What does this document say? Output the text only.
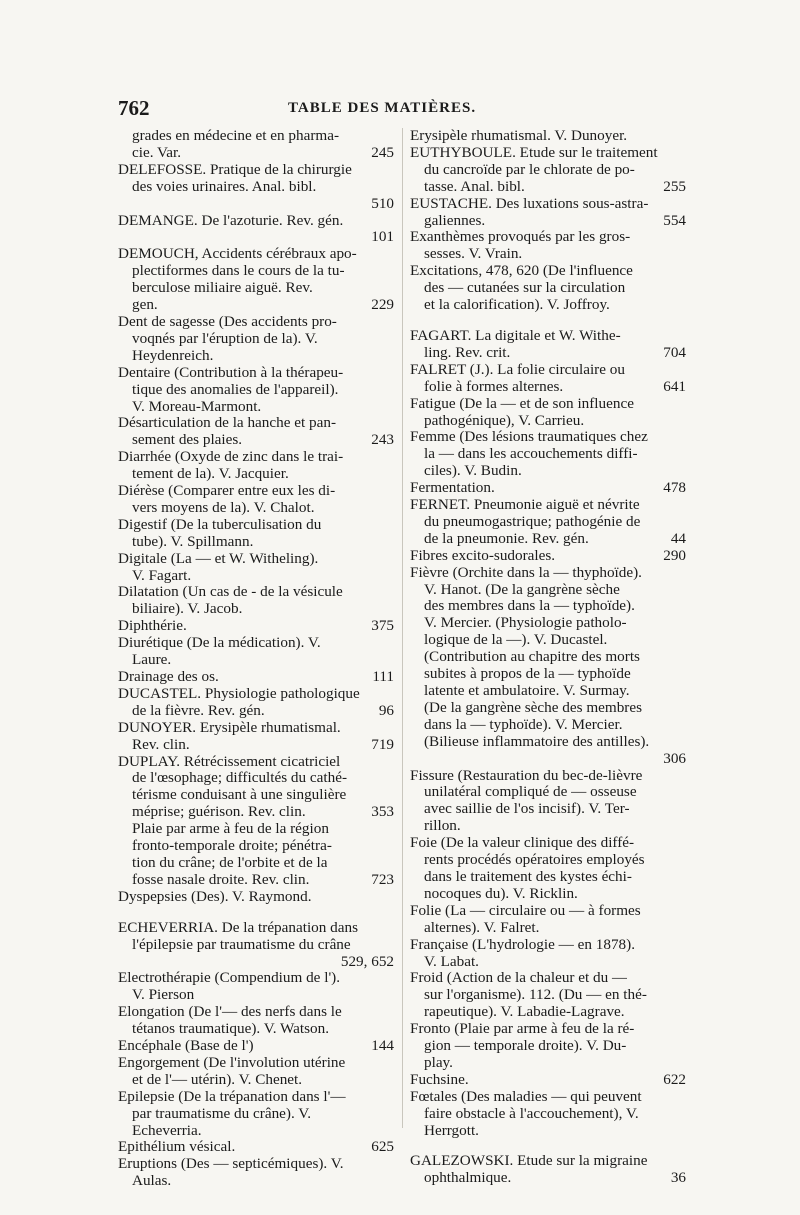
762	TABLE DES MATIÈRES.
grades en médecine et en pharma-
cie. Var.	245
DELEFOSSE. Pratique de la chirurgie
des voies urinaires. Anal. bibl.
510
DEMANGE. De l'azoturie. Rev. gén.
101
DEMOUCH, Accidents cérébraux apo-
plectiformes dans le cours de la tu-
berculose miliaire aiguë. Rev.
gen.	229
Dent de sagesse (Des accidents pro-
voqnés par l'éruption de la). V.
Heydenreich.
Dentaire (Contribution à la thérapeu-
tique des anomalies de l'appareil).
V. Moreau-Marmont.
Désarticulation de la hanche et pan-
sement des plaies.	243
Diarrhée (Oxyde de zinc dans le trai-
tement de la). V. Jacquier.
Diérèse (Comparer entre eux les di-
vers moyens de la). V. Chalot.
Digestif (De la tuberculisation du
tube). V. Spillmann.
Digitale (La — et W. Witheling).
V. Fagart.
Dilatation (Un cas de - de la vésicule
biliaire). V. Jacob.
Diphthérie.	375
Diurétique (De la médication). V.
Laure.
Drainage des os.	111
DUCASTEL. Physiologie pathologique
de la fièvre. Rev. gén.	96
DUNOYER. Erysipèle rhumatismal.
Rev. clin.	719
DUPLAY. Rétrécissement cicatriciel
de l'œsophage; difficultés du cathé-
térisme conduisant à une singulière
méprise; guérison. Rev. clin.	353
Plaie par arme à feu de la région
fronto-temporale droite; pénétra-
tion du crâne; de l'orbite et de la
fosse nasale droite. Rev. clin.	723
Dyspepsies (Des). V. Raymond.
ECHEVERRIA. De la trépanation dans
l'épilepsie par traumatisme du crâne
529, 652
Electrothérapie (Compendium de l').
V. Pierson
Elongation (De l'— des nerfs dans le
tétanos traumatique). V. Watson.
Encéphale (Base de l')	144
Engorgement (De l'involution utérine
et de l'— utérin). V. Chenet.
Epilepsie (De la trépanation dans l'—
par traumatisme du crâne). V.
Echeverria.
Epithélium vésical.	625
Eruptions (Des — septicémiques). V.
Aulas.
Erysipèle rhumatismal. V. Dunoyer.
EUTHYBOULE. Etude sur le traitement
du cancroïde par le chlorate de po-
tasse. Anal. bibl.	255
EUSTACHE. Des luxations sous-astra-
galiennes.	554
Exanthèmes provoqués par les gros-
sesses. V. Vrain.
Excitations, 478, 620 (De l'influence
des — cutanées sur la circulation
et la calorification). V. Joffroy.
FAGART. La digitale et W. Withe-
ling. Rev. crit.	704
FALRET (J.). La folie circulaire ou
folie à formes alternes.	641
Fatigue (De la — et de son influence
pathogénique), V. Carrieu.
Femme (Des lésions traumatiques chez
la — dans les accouchements diffi-
ciles). V. Budin.
Fermentation.	478
FERNET. Pneumonie aiguë et névrite
du pneumogastrique; pathogénie de
de la pneumonie. Rev. gén.	44
Fibres excito-sudorales.	290
Fièvre (Orchite dans la — thyphoïde).
V. Hanot. (De la gangrène sèche
des membres dans la — typhoïde).
V. Mercier. (Physiologie patholo-
logique de la —). V. Ducastel.
(Contribution au chapitre des morts
subites à propos de la — typhoïde
latente et ambulatoire. V. Surmay.
(De la gangrène sèche des membres
dans la — typhoïde). V. Mercier.
(Bilieuse inflammatoire des antilles).
306
Fissure (Restauration du bec-de-lièvre
unilatéral compliqué de — osseuse
avec saillie de l'os incisif). V. Ter-
rillon.
Foie (De la valeur clinique des diffé-
rents procédés opératoires employés
dans le traitement des kystes échi-
nocoques du). V. Ricklin.
Folie (La — circulaire ou — à formes
alternes). V. Falret.
Française (L'hydrologie — en 1878).
V. Labat.
Froid (Action de la chaleur et du —
sur l'organisme). 112. (Du — en thé-
rapeutique). V. Labadie-Lagrave.
Fronto (Plaie par arme à feu de la ré-
gion — temporale droite). V. Du-
play.
Fuchsine.	622
Fœtales (Des maladies — qui peuvent
faire obstacle à l'accouchement), V.
Herrgott.
GALEZOWSKI. Etude sur la migraine
ophthalmique.	36
